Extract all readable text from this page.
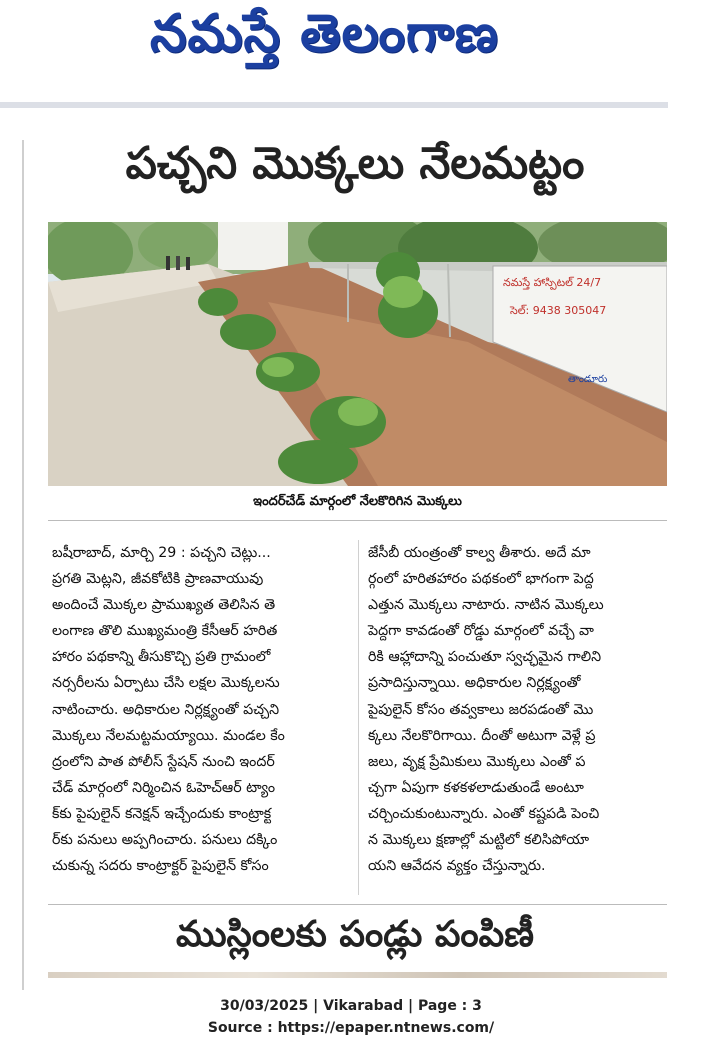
నమస్తే తెలంగాణ
పచ్చని మొక్కలు నేలమట్టం
నమస్తే హాస్పిటల్ 24/7
సెల్: 9438 305047
తాండూరు
ఇందర్‌చేడ్‌ మార్గంలో నేలకొరిగిన మొక్కలు

బషీరాబాద్‌, మార్చి 29 : పచ్చని చెట్లు...

ప్రగతి మెట్లని, జీవకోటికి ప్రాణవాయువు

అందించే మొక్కల ప్రాముఖ్యత తెలిసిన తె

లంగాణ తొలి ముఖ్యమంత్రి కేసీఆర్‌ హరిత

హారం పథకాన్ని తీసుకొచ్చి ప్రతి గ్రామంలో

నర్సరీలను ఏర్పాటు చేసి లక్షల మొక్కలను

నాటించారు. అధికారుల నిర్లక్ష్యంతో పచ్చని

మొక్కలు నేలమట్టమయ్యాయి. మండల కేం

ద్రంలోని పాత పోలీస్‌ స్టేషన్‌ నుంచి ఇందర్‌

చేడ్‌ మార్గంలో నిర్మించిన ఓహెచ్‌ఆర్‌ ట్యాం

క్‌కు పైపులైన్‌ కనెక్షన్‌ ఇచ్చేందుకు కాంట్రాక్ట

ర్‌కు పనులు అప్పగించారు. పనులు దక్కిం

చుకున్న సదరు కాంట్రాక్టర్‌ పైపులైన్‌ కోసం

జేసీబీ యంత్రంతో కాల్వ తీశారు. అదే మా

ర్గంలో హరితహారం పథకంలో భాగంగా పెద్ద

ఎత్తున మొక్కలు నాటారు. నాటిన మొక్కలు

పెద్దగా కావడంతో రోడ్డు మార్గంలో వచ్చే వా

రికి ఆహ్లాదాన్ని పంచుతూ స్వచ్ఛమైన గాలిని

ప్రసాదిస్తున్నాయి. అధికారుల నిర్లక్ష్యంతో

పైపులైన్‌ కోసం తవ్వకాలు జరపడంతో మొ

క్కలు నేలకొరిగాయి. దీంతో అటుగా వెళ్లే ప్ర

జలు, వృక్ష ప్రేమికులు మొక్కలు ఎంతో ప

చ్చగా ఏపుగా కళకళలాడుతుండే అంటూ

చర్చించుకుంటున్నారు. ఎంతో కష్టపడి పెంచి

న మొక్కలు క్షణాల్లో మట్టిలో కలిసిపోయా

యని ఆవేదన వ్యక్తం చేస్తున్నారు.

ముస్లింలకు పండ్లు పంపిణీ
30/03/2025 | Vikarabad | Page : 3
Source : https://epaper.ntnews.com/
